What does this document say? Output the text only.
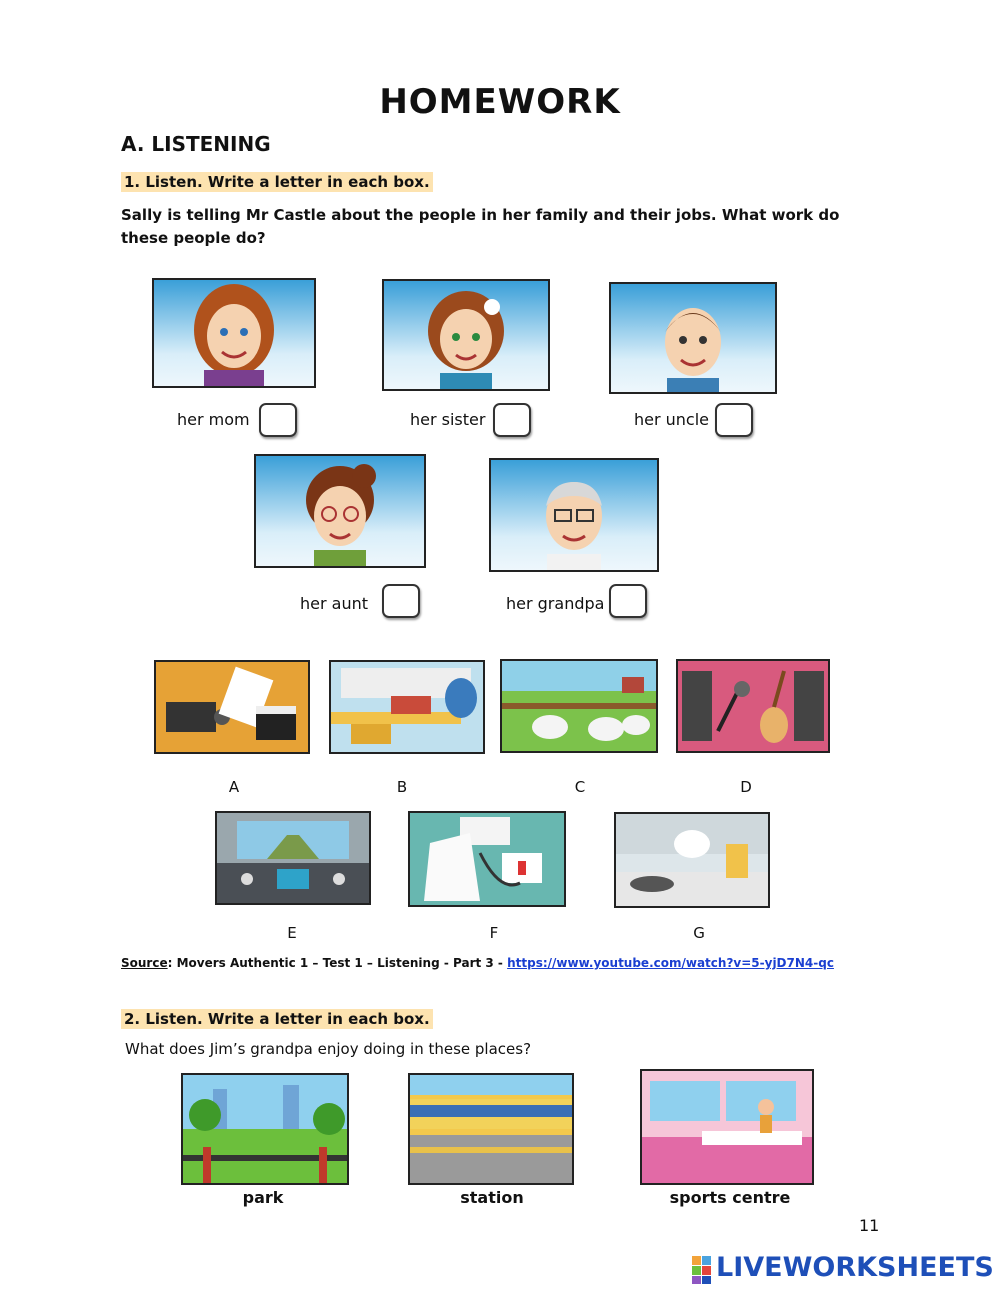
HOMEWORK
A. LISTENING
1. Listen. Write a letter in each box.
Sally is telling Mr Castle about the people in her family and their jobs. What work do these people do?
her mom	her sister	her uncle
her aunt	her grandpa
A	B	C	D
E	F	G
Source: Movers Authentic 1 – Test 1 – Listening - Part 3 - https://www.youtube.com/watch?v=5-yjD7N4-qc
2. Listen. Write a letter in each box.
What does Jim’s grandpa enjoy doing in these places?
park	station	sports centre
11
LIVEWORKSHEETS
